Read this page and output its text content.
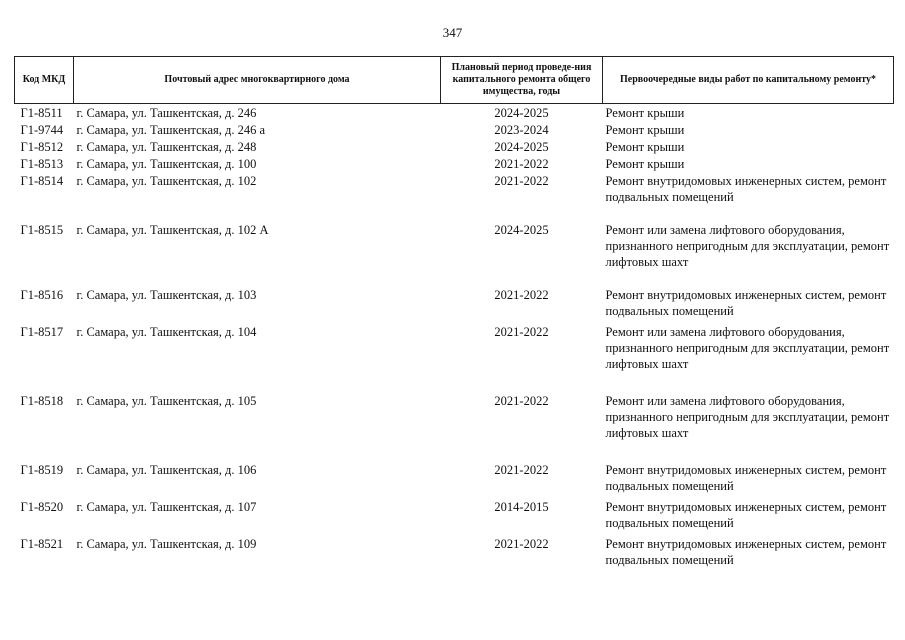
347
Код МКД	Почтовый адрес многоквартирного дома	Плановый период проведе-ния капитального ремонта общего имущества, годы	Первоочередные виды работ по капитальному ремонту*
Г1-8511	г. Самара, ул. Ташкентская, д. 246	2024-2025	Ремонт крыши
Г1-9744	г. Самара, ул. Ташкентская, д. 246 а	2023-2024	Ремонт крыши
Г1-8512	г. Самара, ул. Ташкентская, д. 248	2024-2025	Ремонт крыши
Г1-8513	г. Самара, ул. Ташкентская, д. 100	2021-2022	Ремонт крыши
Г1-8514	г. Самара, ул. Ташкентская, д. 102	2021-2022	Ремонт внутридомовых инженерных систем, ремонт подвальных помещений
Г1-8515	г. Самара, ул. Ташкентская, д. 102 А	2024-2025	Ремонт или замена лифтового оборудования, признанного непригодным для эксплуатации, ремонт лифтовых шахт
Г1-8516	г. Самара, ул. Ташкентская, д. 103	2021-2022	Ремонт внутридомовых инженерных систем, ремонт подвальных помещений
Г1-8517	г. Самара, ул. Ташкентская, д. 104	2021-2022	Ремонт или замена лифтового оборудования, признанного непригодным для эксплуатации, ремонт лифтовых шахт
Г1-8518	г. Самара, ул. Ташкентская, д. 105	2021-2022	Ремонт или замена лифтового оборудования, признанного непригодным для эксплуатации, ремонт лифтовых шахт
Г1-8519	г. Самара, ул. Ташкентская, д. 106	2021-2022	Ремонт внутридомовых инженерных систем, ремонт подвальных помещений
Г1-8520	г. Самара, ул. Ташкентская, д. 107	2014-2015	Ремонт внутридомовых инженерных систем, ремонт подвальных помещений
Г1-8521	г. Самара, ул. Ташкентская, д. 109	2021-2022	Ремонт внутридомовых инженерных систем, ремонт подвальных помещений
